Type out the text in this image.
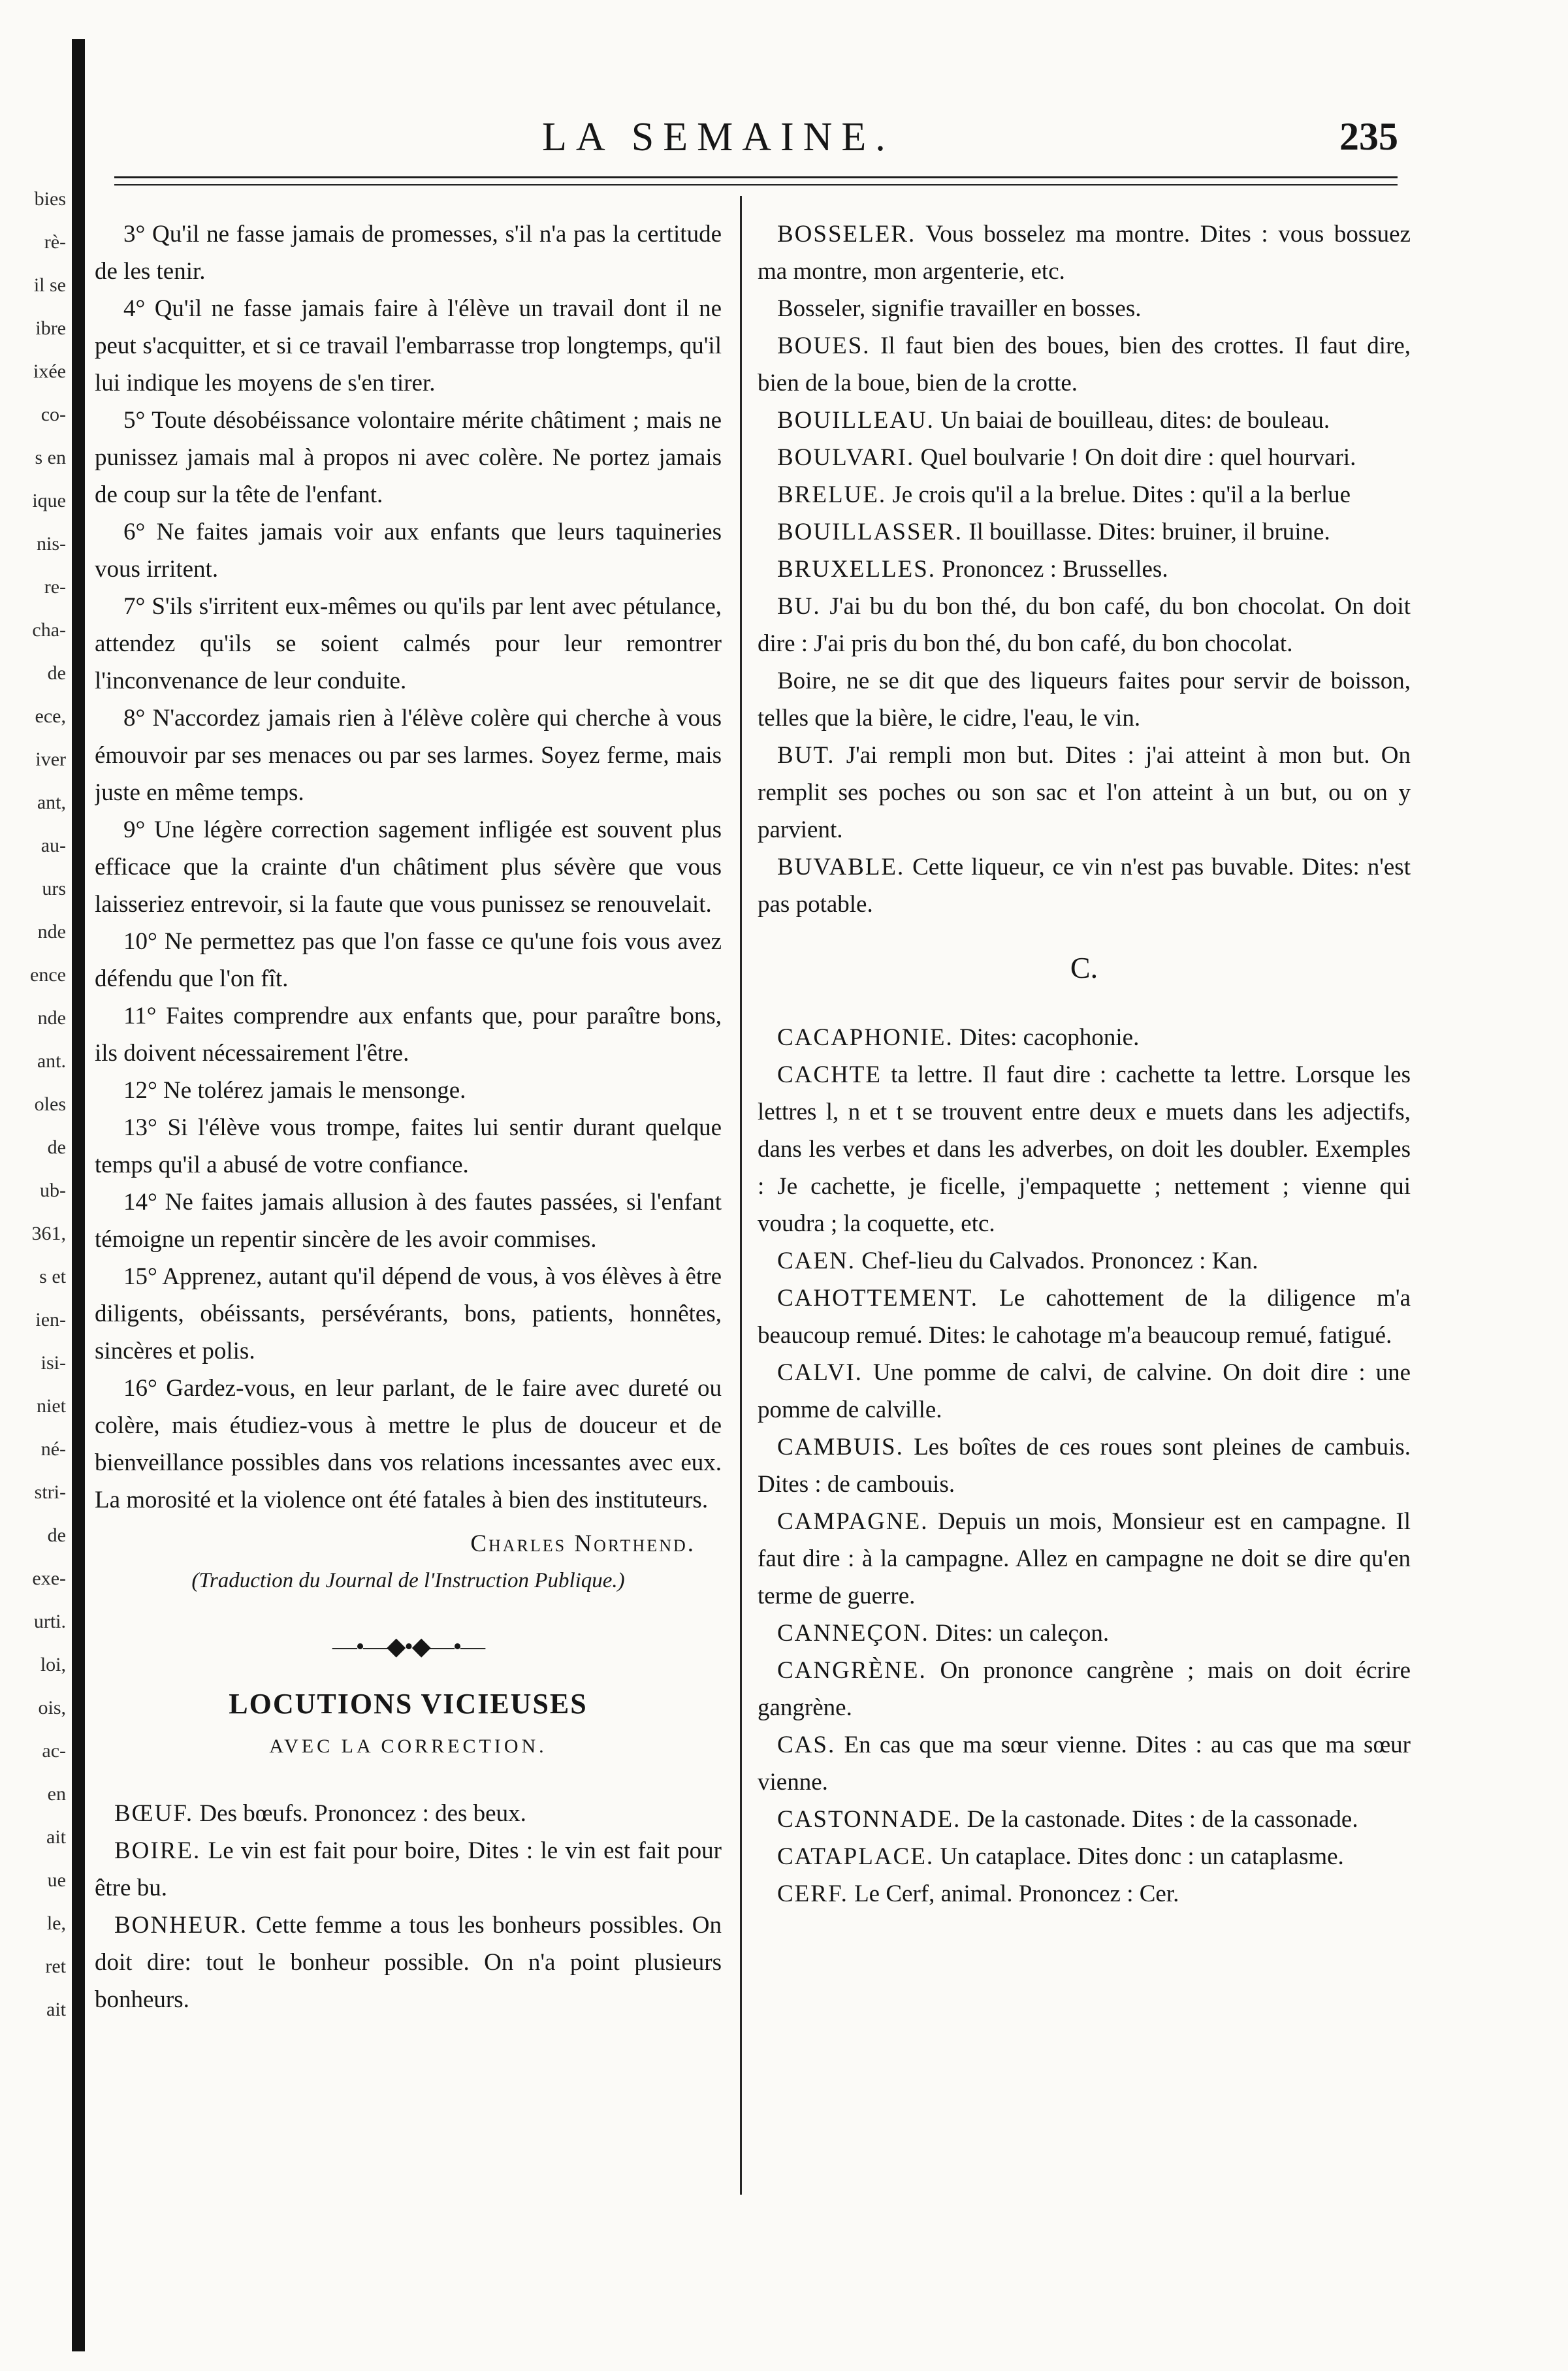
bies
rè-
il se
ibre
ixée
co-
s en
ique
nis-
re-
cha-
de
ece,
iver
ant,
au-
urs
nde
ence
nde
ant.
oles
de
ub-
361,
s et
ien-
isi-
niet
né-
stri-
de
exe-
urti.
loi,
ois,
ac-
en
ait
ue
le,
ret
ait
LA SEMAINE.	235

3° Qu'il ne fasse jamais de promesses, s'il n'a pas la certitude de les tenir.

4° Qu'il ne fasse jamais faire à l'élève un travail dont il ne peut s'acquitter, et si ce travail l'embarrasse trop longtemps, qu'il lui indique les moyens de s'en tirer.

5° Toute désobéissance volontaire mérite châtiment ; mais ne punissez jamais mal à propos ni avec colère. Ne portez jamais de coup sur la tête de l'enfant.

6° Ne faites jamais voir aux enfants que leurs taquineries vous irritent.

7° S'ils s'irritent eux-mêmes ou qu'ils par lent avec pétulance, attendez qu'ils se soient calmés pour leur remontrer l'inconvenance de leur conduite.

8° N'accordez jamais rien à l'élève colère qui cherche à vous émouvoir par ses menaces ou par ses larmes. Soyez ferme, mais juste en même temps.

9° Une légère correction sagement infligée est souvent plus efficace que la crainte d'un châtiment plus sévère que vous laisseriez entrevoir, si la faute que vous punissez se renouvelait.

10° Ne permettez pas que l'on fasse ce qu'une fois vous avez défendu que l'on fît.

11° Faites comprendre aux enfants que, pour paraître bons, ils doivent nécessairement l'être.

12° Ne tolérez jamais le mensonge.

13° Si l'élève vous trompe, faites lui sentir durant quelque temps qu'il a abusé de votre confiance.

14° Ne faites jamais allusion à des fautes passées, si l'enfant témoigne un repentir sincère de les avoir commises.

15° Apprenez, autant qu'il dépend de vous, à vos élèves à être diligents, obéissants, persévérants, bons, patients, honnêtes, sincères et polis.

16° Gardez-vous, en leur parlant, de le faire avec dureté ou colère, mais étudiez-vous à mettre le plus de douceur et de bienveillance possibles dans vos relations incessantes avec eux. La morosité et la violence ont été fatales à bien des instituteurs.

Charles Northend.
(Traduction du Journal de l'Instruction Publique.)
—•—◆•◆—•—
LOCUTIONS VICIEUSES
AVEC LA CORRECTION.

BŒUF. Des bœufs. Prononcez : des beux.

BOIRE. Le vin est fait pour boire, Dites : le vin est fait pour être bu.

BONHEUR. Cette femme a tous les bonheurs possibles. On doit dire: tout le bonheur possible. On n'a point plusieurs bonheurs.

BOSSELER. Vous bosselez ma montre. Dites : vous bossuez ma montre, mon argenterie, etc.

Bosseler, signifie travailler en bosses.

BOUES. Il faut bien des boues, bien des crottes. Il faut dire, bien de la boue, bien de la crotte.

BOUILLEAU. Un baiai de bouilleau, dites: de bouleau.

BOULVARI. Quel boulvarie ! On doit dire : quel hourvari.

BRELUE. Je crois qu'il a la brelue. Dites : qu'il a la berlue

BOUILLASSER. Il bouillasse. Dites: bruiner, il bruine.

BRUXELLES. Prononcez : Brusselles.

BU. J'ai bu du bon thé, du bon café, du bon chocolat. On doit dire : J'ai pris du bon thé, du bon café, du bon chocolat.

Boire, ne se dit que des liqueurs faites pour servir de boisson, telles que la bière, le cidre, l'eau, le vin.

BUT. J'ai rempli mon but. Dites : j'ai atteint à mon but. On remplit ses poches ou son sac et l'on atteint à un but, ou on y parvient.

BUVABLE. Cette liqueur, ce vin n'est pas buvable. Dites: n'est pas potable.

C.

CACAPHONIE. Dites: cacophonie.

CACHTE ta lettre. Il faut dire : cachette ta lettre. Lorsque les lettres l, n et t se trouvent entre deux e muets dans les adjectifs, dans les verbes et dans les adverbes, on doit les doubler. Exemples : Je cachette, je ficelle, j'empaquette ; nettement ; vienne qui voudra ; la coquette, etc.

CAEN. Chef-lieu du Calvados. Prononcez : Kan.

CAHOTTEMENT. Le cahottement de la diligence m'a beaucoup remué. Dites: le cahotage m'a beaucoup remué, fatigué.

CALVI. Une pomme de calvi, de calvine. On doit dire : une pomme de calville.

CAMBUIS. Les boîtes de ces roues sont pleines de cambuis. Dites : de cambouis.

CAMPAGNE. Depuis un mois, Monsieur est en campagne. Il faut dire : à la campagne. Allez en campagne ne doit se dire qu'en terme de guerre.

CANNEÇON. Dites: un caleçon.

CANGRÈNE. On prononce cangrène ; mais on doit écrire gangrène.

CAS. En cas que ma sœur vienne. Dites : au cas que ma sœur vienne.

CASTONNADE. De la castonade. Dites : de la cassonade.

CATAPLACE. Un cataplace. Dites donc : un cataplasme.

CERF. Le Cerf, animal. Prononcez : Cer.
